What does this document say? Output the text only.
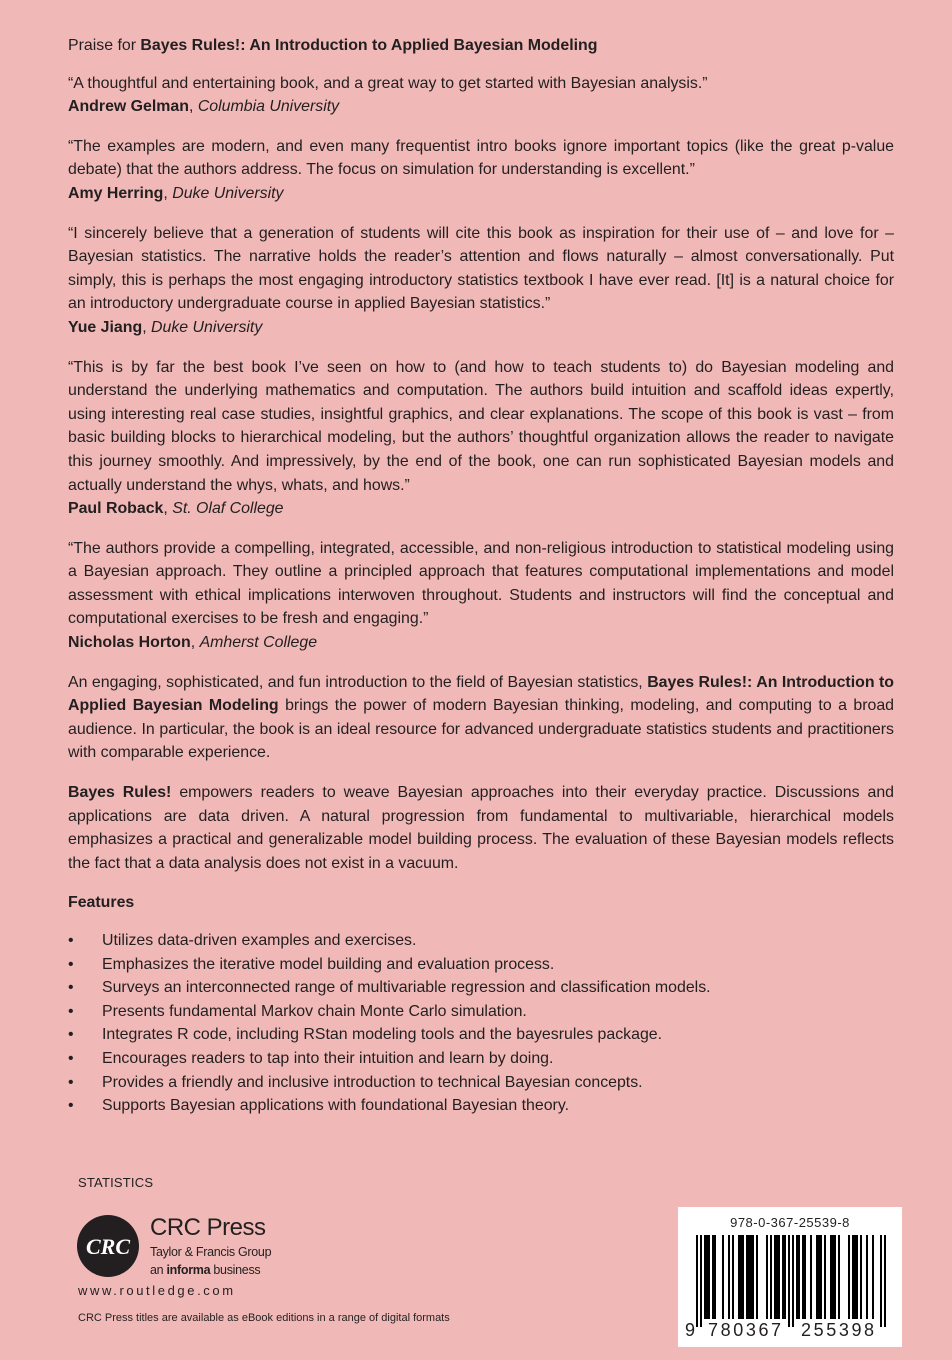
Praise for Bayes Rules!: An Introduction to Applied Bayesian Modeling

“A thoughtful and entertaining book, and a great way to get started with Bayesian analysis.”

Andrew Gelman, Columbia University

“The examples are modern, and even many frequentist intro books ignore important topics (like the great p-value debate) that the authors address. The focus on simulation for understanding is excellent.”

Amy Herring, Duke University

“I sincerely believe that a generation of students will cite this book as inspiration for their use of – and love for – Bayesian statistics. The narrative holds the reader’s attention and flows naturally – almost conversationally. Put simply, this is perhaps the most engaging introductory statistics textbook I have ever read. [It] is a natural choice for an introductory undergraduate course in applied Bayesian statistics.”

Yue Jiang, Duke University

“This is by far the best book I’ve seen on how to (and how to teach students to) do Bayesian modeling and understand the underlying mathematics and computation. The authors build intuition and scaffold ideas expertly, using interesting real case studies, insightful graphics, and clear explanations. The scope of this book is vast – from basic building blocks to hierarchical modeling, but the authors’ thoughtful organization allows the reader to navigate this journey smoothly. And impressively, by the end of the book, one can run sophisticated Bayesian models and actually understand the whys, whats, and hows.”

Paul Roback, St. Olaf College

“The authors provide a compelling, integrated, accessible, and non-religious introduction to statistical modeling using a Bayesian approach. They outline a principled approach that features computational implementations and model assessment with ethical implications interwoven throughout. Students and instructors will find the conceptual and computational exercises to be fresh and engaging.”

Nicholas Horton, Amherst College

An engaging, sophisticated, and fun introduction to the field of Bayesian statistics, Bayes Rules!: An Introduction to Applied Bayesian Modeling brings the power of modern Bayesian thinking, modeling, and computing to a broad audience. In particular, the book is an ideal resource for advanced undergraduate statistics students and practitioners with comparable experience.

Bayes Rules! empowers readers to weave Bayesian approaches into their everyday practice. Discussions and applications are data driven. A natural progression from fundamental to multivariable, hierarchical models emphasizes a practical and generalizable model building process. The evaluation of these Bayesian models reflects the fact that a data analysis does not exist in a vacuum.

Features

• Utilizes data-driven examples and exercises.
• Emphasizes the iterative model building and evaluation process.
• Surveys an interconnected range of multivariable regression and classification models.
• Presents fundamental Markov chain Monte Carlo simulation.
• Integrates R code, including RStan modeling tools and the bayesrules package.
• Encourages readers to tap into their intuition and learn by doing.
• Provides a friendly and inclusive introduction to technical Bayesian concepts.
• Supports Bayesian applications with foundational Bayesian theory.
STATISTICS
CRC
CRC Press
Taylor & Francis Group
an informa business
www.routledge.com
CRC Press titles are available as eBook editions in a range of digital formats
978-0-367-25539-8
9 780367 255398
